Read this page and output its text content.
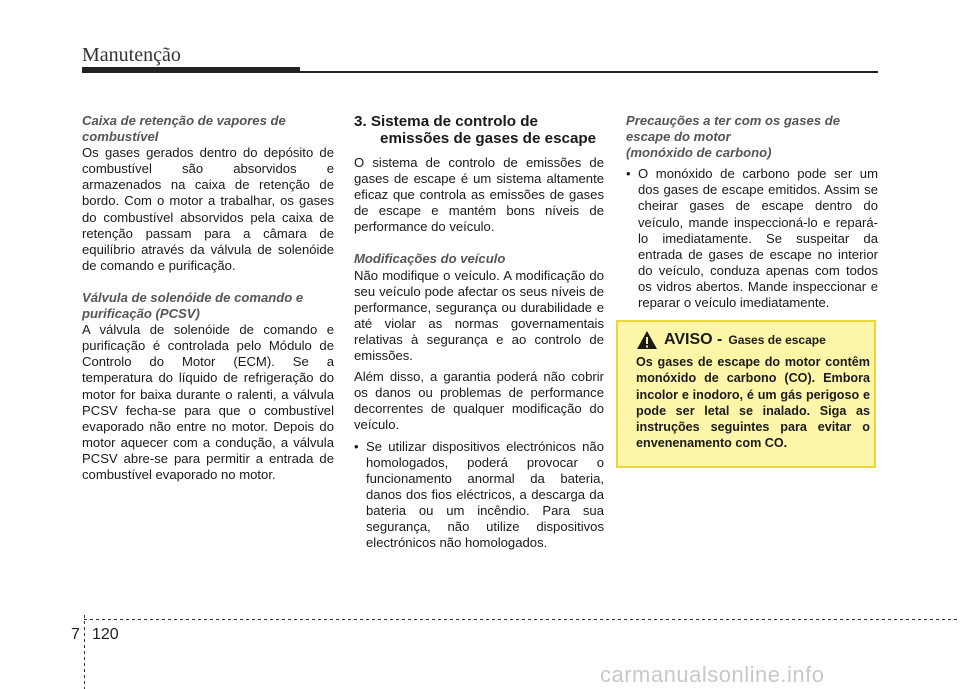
Manutenção

Caixa de retenção de vapores de combustível

Os gases gerados dentro do depósito de combustível são absorvidos e armazenados na caixa de retenção de bordo. Com o motor a trabalhar, os gases do combustível absorvidos pela caixa de retenção passam para a câmara de equilíbrio através da válvula de solenóide de comando e purificação.

Válvula de solenóide de comando e purificação (PCSV)

A válvula de solenóide de comando e purificação é controlada pelo Módulo de Controlo do Motor (ECM). Se a temperatura do líquido de refrigeração do motor for baixa durante o ralenti, a válvula PCSV fecha-se para que o combustível evaporado não entre no motor. Depois do motor aquecer com a condução, a válvula PCSV abre-se para permitir a entrada de combustível evaporado no motor.

3. Sistema de controlo de emissões de gases de escape

O sistema de controlo de emissões de gases de escape é um sistema altamente eficaz que controla as emissões de gases de escape e mantém bons níveis de performance do veículo.

Modificações do veículo

Não modifique o veículo. A modificação do seu veículo pode afectar os seus níveis de performance, segurança ou durabilidade e até violar as normas governamentais relativas à segurança e ao controlo de emissões.

Além disso, a garantia poderá não cobrir os danos ou problemas de performance decorrentes de qualquer modificação do veículo.

• Se utilizar dispositivos electrónicos não homologados, poderá provocar o funcionamento anormal da bateria, danos dos fios eléctricos, a descarga da bateria ou um incêndio. Para sua segurança, não utilize dispositivos electrónicos não homologados.

Precauções a ter com os gases de escape do motor

(monóxido de carbono)

• O monóxido de carbono pode ser um dos gases de escape emitidos. Assim se cheirar gases de escape dentro do veículo, mande inspeccioná-lo e repará-lo imediatamente. Se suspeitar da entrada de gases de escape no interior do veículo, conduza apenas com todos os vidros abertos. Mande inspeccionar e reparar o veículo imediatamente.
AVISO - Gases de escape
Os gases de escape do motor contêm monóxido de carbono (CO). Embora incolor e inodoro, é um gás perigoso e pode ser letal se inalado. Siga as instruções seguintes para evitar o envenenamento com CO.
7 120
carmanualsonline.info
